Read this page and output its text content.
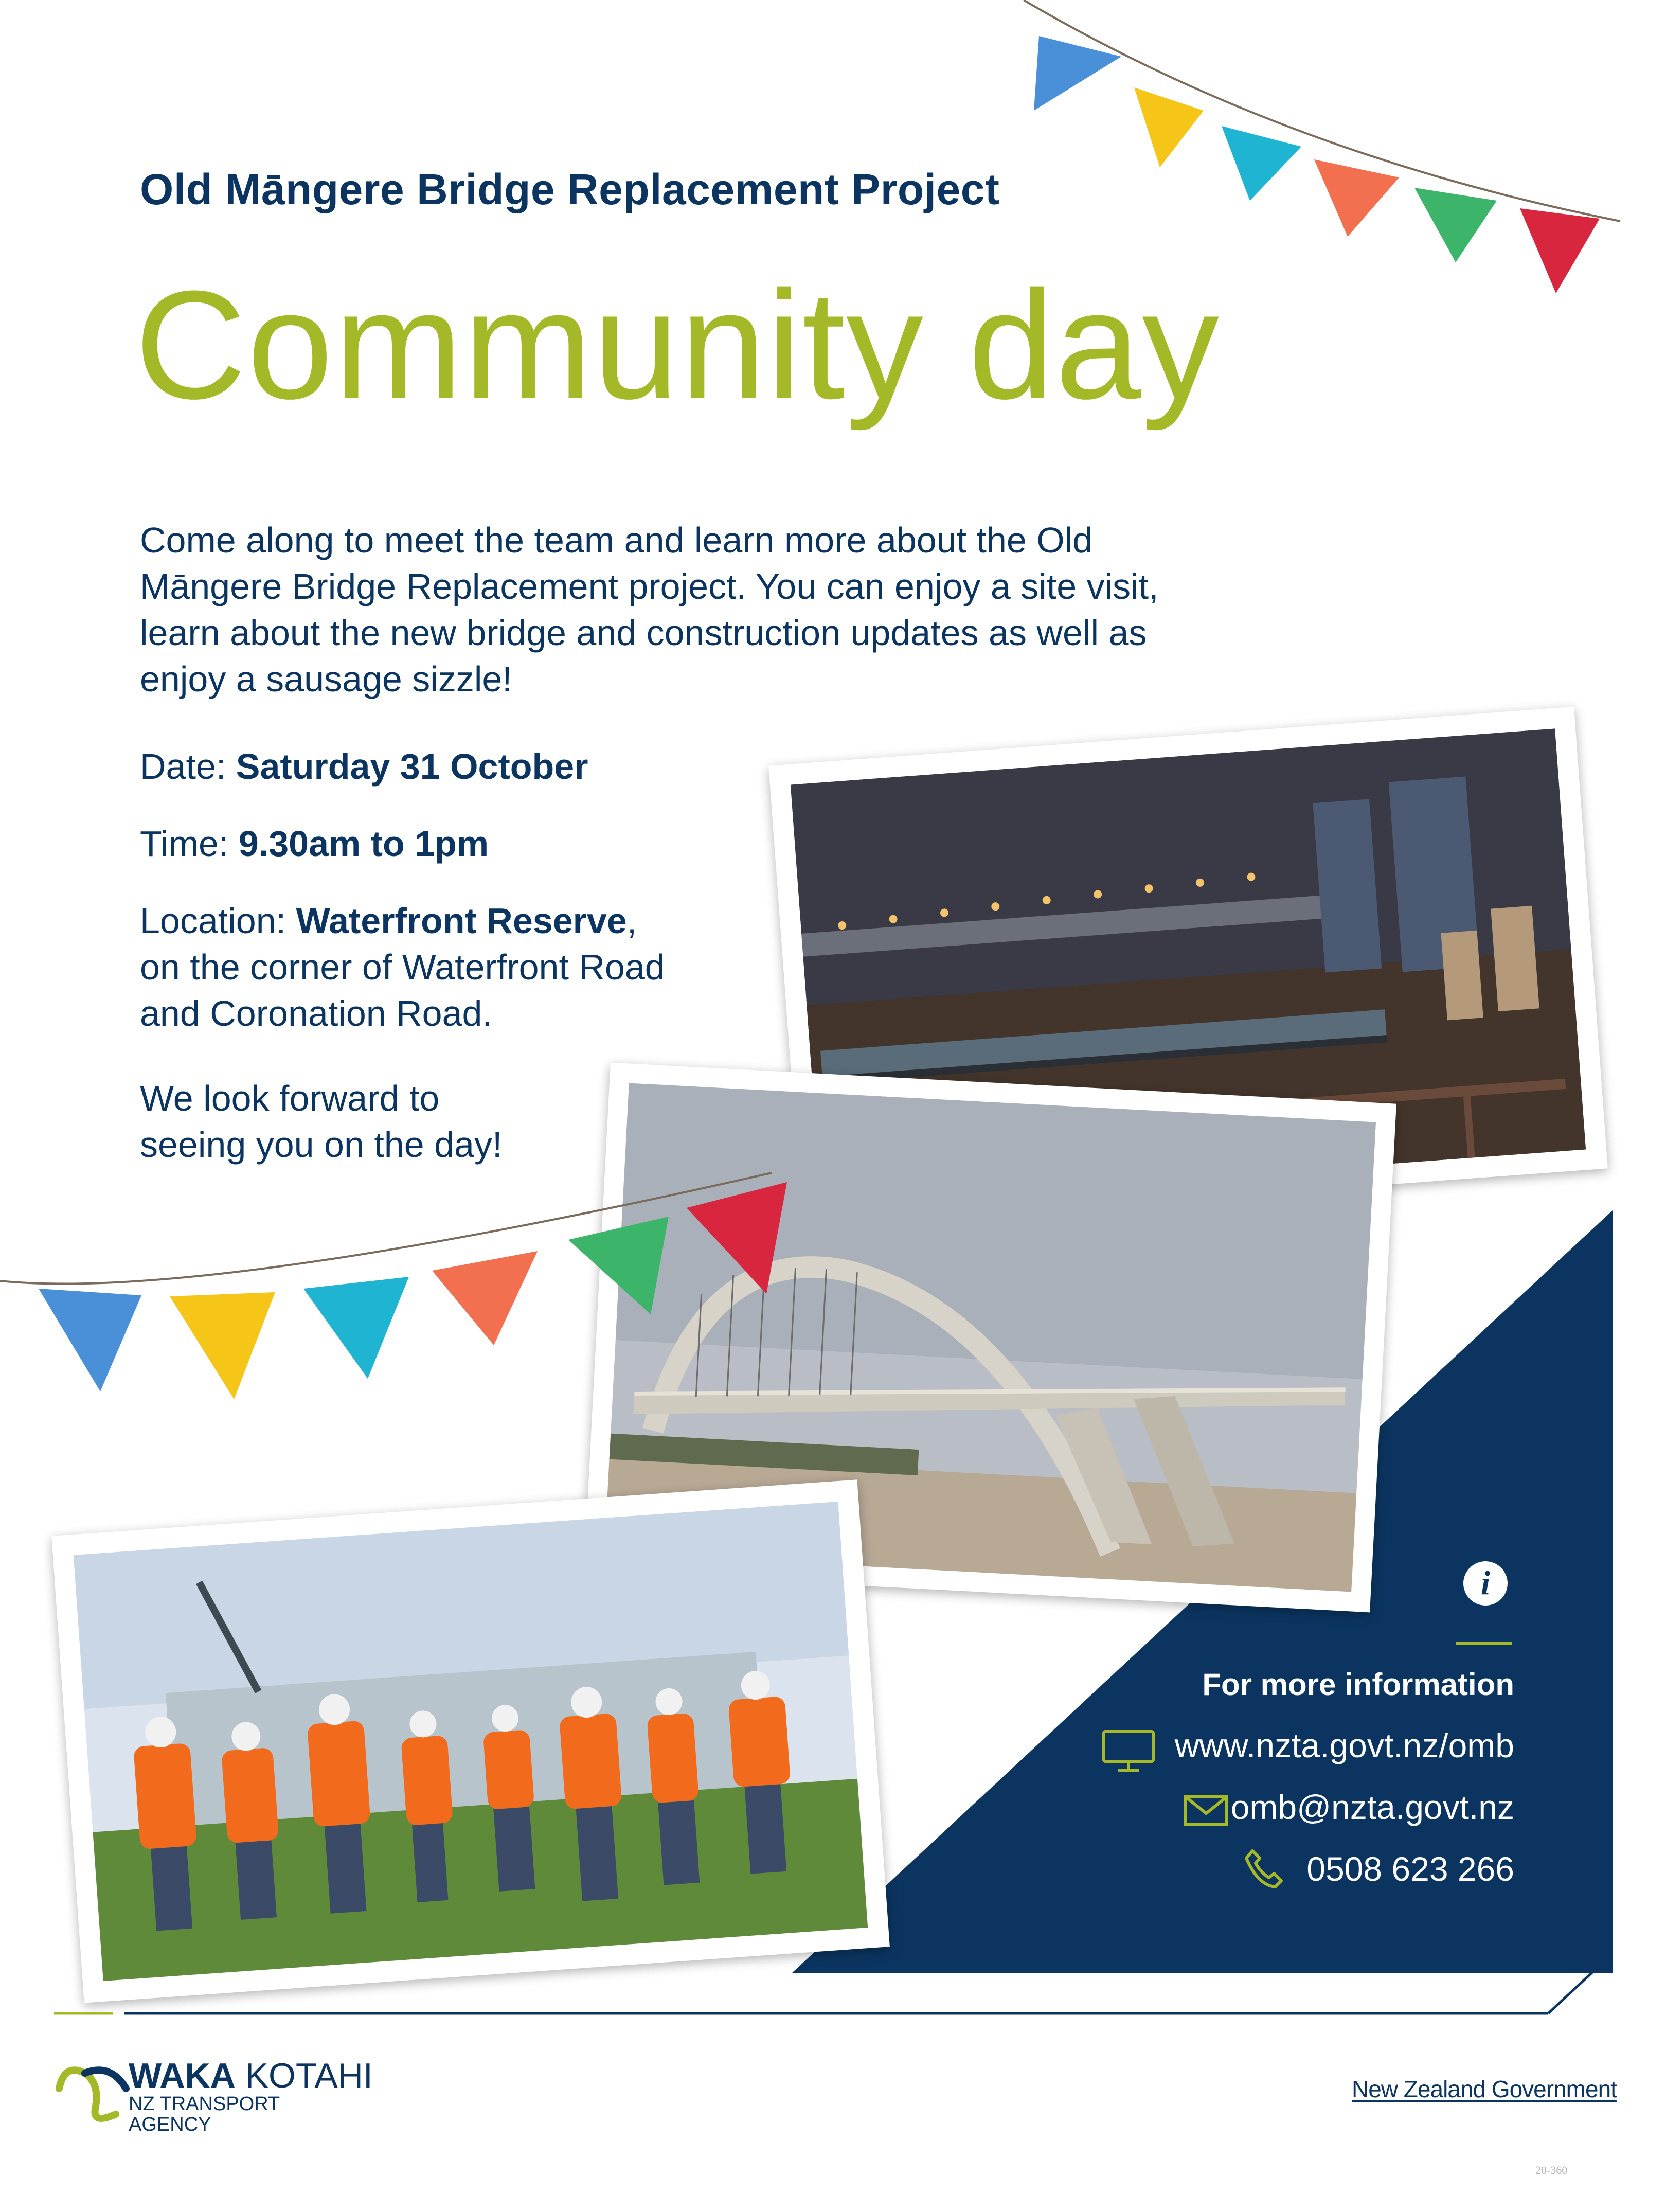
Old Māngere Bridge Replacement Project
Community day
Come along to meet the team and learn more about the Old Māngere Bridge Replacement project. You can enjoy a site visit, learn about the new bridge and construction updates as well as enjoy a sausage sizzle!
Date: Saturday 31 October
Time: 9.30am to 1pm
Location: Waterfront Reserve,
on the corner of Waterfront Road
and Coronation Road.
We look forward to
seeing you on the day!
i
For more information
www.nzta.govt.nz/omb
omb@nzta.govt.nz
0508 623 266
WAKA KOTAHI
NZ TRANSPORT
AGENCY
New Zealand Government
20-360
